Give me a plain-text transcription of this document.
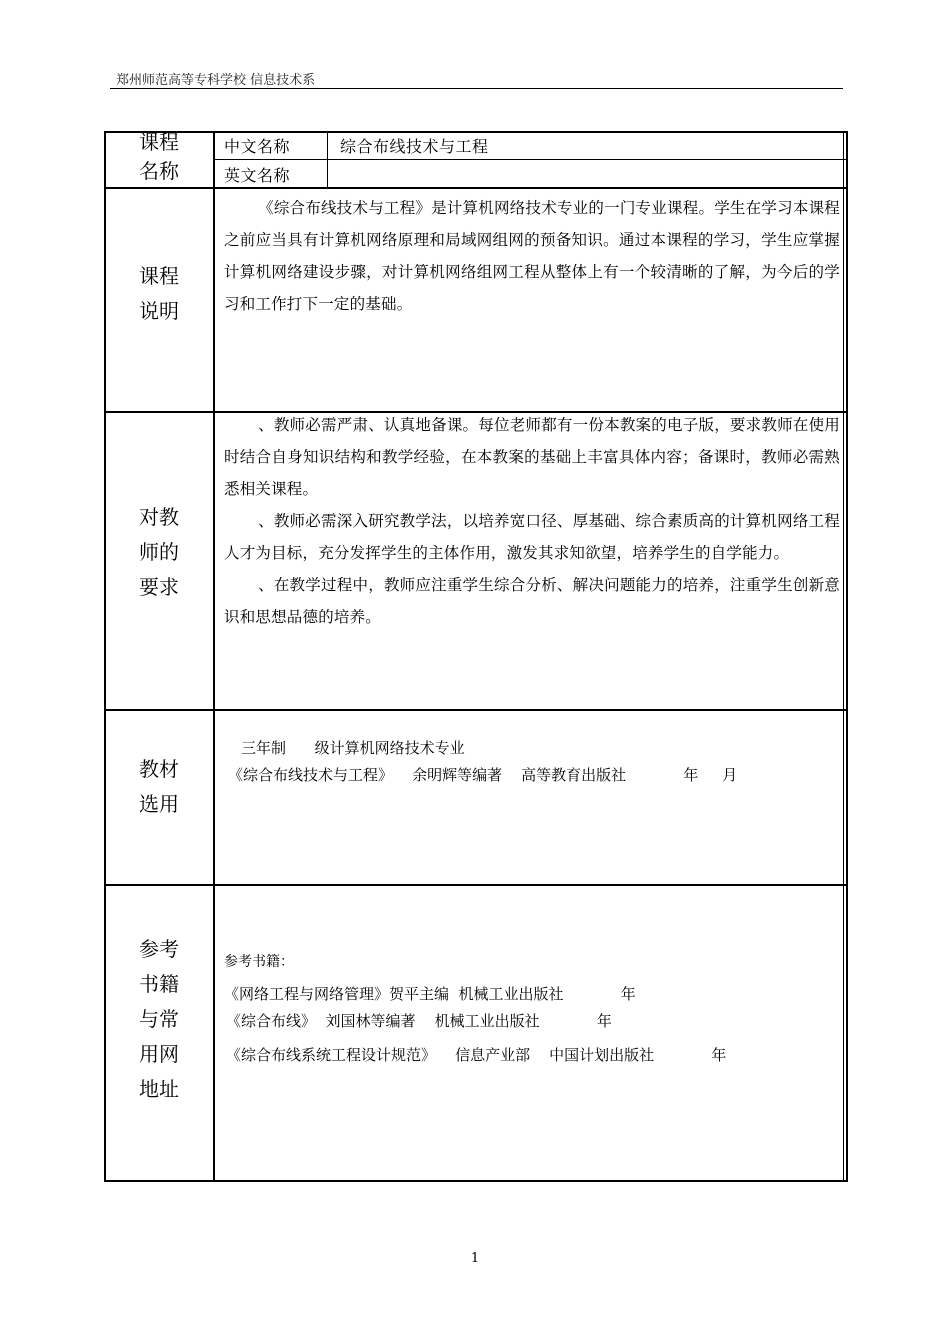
郑州师范高等专科学校 信息技术系
课程
名称
中文名称	综合布线技术与工程
英文名称
课程
说明

《综合布线技术与工程》是计算机网络技术专业的一门专业课程。学生在学习本课程之前应当具有计算机网络原理和局域网组网的预备知识。通过本课程的学习，学生应掌握计算机网络建设步骤，对计算机网络组网工程从整体上有一个较清晰的了解，为今后的学习和工作打下一定的基础。

对教
师的
要求

、教师必需严肃、认真地备课。每位老师都有一份本教案的电子版，要求教师在使用时结合自身知识结构和教学经验，在本教案的基础上丰富具体内容；备课时，教师必需熟悉相关课程。

、教师必需深入研究教学法，以培养宽口径、厚基础、综合素质高的计算机网络工程人才为目标，充分发挥学生的主体作用，激发其求知欲望，培养学生的自学能力。

、在教学过程中，教师应注重学生综合分析、解决问题能力的培养，注重学生创新意识和思想品德的培养。

教材
选用
三年制      级计算机网络技术专业
《综合布线技术与工程》    余明辉等编著    高等教育出版社            年     月
参考
书籍
与常
用网
地址
参考书籍：
《网络工程与网络管理》贺平主编  机械工业出版社            年
《综合布线》  刘国林等编著    机械工业出版社            年
《综合布线系统工程设计规范》    信息产业部    中国计划出版社            年
1
